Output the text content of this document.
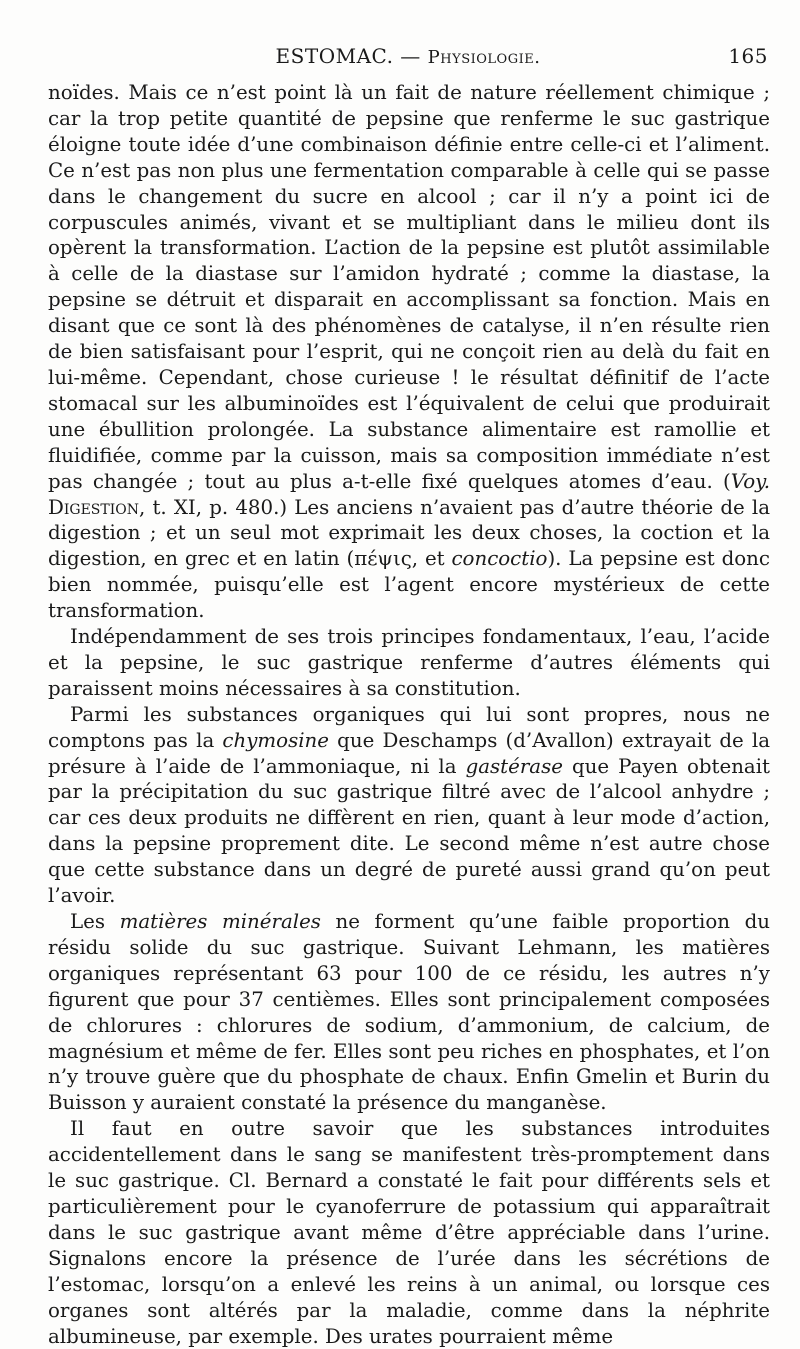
ESTOMAC. — Physiologie.	165

noïdes. Mais ce n’est point là un fait de nature réellement chimique ; car la trop petite quantité de pepsine que renferme le suc gastrique éloigne toute idée d’une combinaison définie entre celle-ci et l’aliment. Ce n’est pas non plus une fermentation comparable à celle qui se passe dans le changement du sucre en alcool ; car il n’y a point ici de corpuscules animés, vivant et se multipliant dans le milieu dont ils opèrent la transformation. L’action de la pepsine est plutôt assimilable à celle de la diastase sur l’amidon hydraté ; comme la diastase, la pepsine se détruit et disparait en accomplissant sa fonction. Mais en disant que ce sont là des phénomènes de catalyse, il n’en résulte rien de bien satisfaisant pour l’esprit, qui ne conçoit rien au delà du fait en lui-même. Cependant, chose curieuse ! le résultat définitif de l’acte stomacal sur les albuminoïdes est l’équivalent de celui que produirait une ébullition prolongée. La substance alimentaire est ramollie et fluidifiée, comme par la cuisson, mais sa composition immédiate n’est pas changée ; tout au plus a-t-elle fixé quelques atomes d’eau. (Voy. Digestion, t. XI, p. 480.) Les anciens n’avaient pas d’autre théorie de la digestion ; et un seul mot exprimait les deux choses, la coction et la digestion, en grec et en latin (πέψις, et concoctio). La pepsine est donc bien nommée, puisqu’elle est l’agent encore mystérieux de cette transformation.

Indépendamment de ses trois principes fondamentaux, l’eau, l’acide et la pepsine, le suc gastrique renferme d’autres éléments qui paraissent moins nécessaires à sa constitution.

Parmi les substances organiques qui lui sont propres, nous ne comptons pas la chymosine que Deschamps (d’Avallon) extrayait de la présure à l’aide de l’ammoniaque, ni la gastérase que Payen obtenait par la précipitation du suc gastrique filtré avec de l’alcool anhydre ; car ces deux produits ne diffèrent en rien, quant à leur mode d’action, dans la pepsine proprement dite. Le second même n’est autre chose que cette substance dans un degré de pureté aussi grand qu’on peut l’avoir.

Les matières minérales ne forment qu’une faible proportion du résidu solide du suc gastrique. Suivant Lehmann, les matières organiques représentant 63 pour 100 de ce résidu, les autres n’y figurent que pour 37 centièmes. Elles sont principalement composées de chlorures : chlorures de sodium, d’ammonium, de calcium, de magnésium et même de fer. Elles sont peu riches en phosphates, et l’on n’y trouve guère que du phosphate de chaux. Enfin Gmelin et Burin du Buisson y auraient constaté la présence du manganèse.

Il faut en outre savoir que les substances introduites accidentellement dans le sang se manifestent très-promptement dans le suc gastrique. Cl. Bernard a constaté le fait pour différents sels et particulièrement pour le cyanoferrure de potassium qui apparaîtrait dans le suc gastrique avant même d’être appréciable dans l’urine. Signalons encore la présence de l’urée dans les sécrétions de l’estomac, lorsqu’on a enlevé les reins à un animal, ou lorsque ces organes sont altérés par la maladie, comme dans la néphrite albumineuse, par exemple. Des urates pourraient même
